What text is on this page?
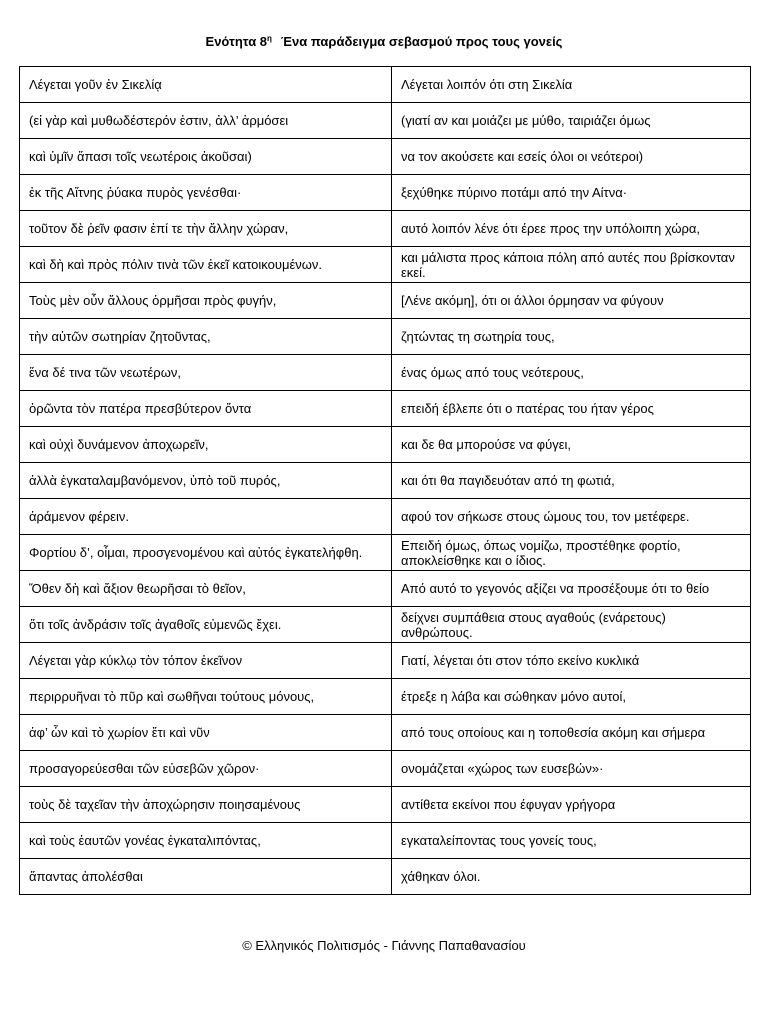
Ενότητα $8^\eta$ Ένα παράδειγμα σεβασμού προς τους γονείς
Λέγεται γοῦν ἐν Σικελίᾳ	Λέγεται λοιπόν ότι στη Σικελία
(εἰ γὰρ καὶ μυθωδέστερόν ἐστιν, ἀλλ’ ἁρμόσει	(γιατί αν και μοιάζει με μύθο, ταιριάζει όμως
καὶ ὑμῖν ἅπασι τοῖς νεωτέροις ἀκοῦσαι)	να τον ακούσετε και εσείς όλοι οι νεότεροι)
ἐκ τῆς Αἴτνης ῥύακα πυρὸς γενέσθαι·	ξεχύθηκε πύρινο ποτάμι από την Αίτνα·
τοῦτον δὲ ῥεῖν φασιν ἐπί τε τὴν ἄλλην χώραν,	αυτό λοιπόν λένε ότι έρεε προς την υπόλοιπη χώρα,
καὶ δὴ καὶ πρὸς πόλιν τινὰ τῶν ἐκεῖ κατοικουμένων.	και μάλιστα προς κάποια πόλη από αυτές που βρίσκονταν εκεί.
Τοὺς μὲν οὖν ἄλλους ὁρμῆσαι πρὸς φυγήν,	[Λένε ακόμη], ότι οι άλλοι όρμησαν να φύγουν
τὴν αὑτῶν σωτηρίαν ζητοῦντας,	ζητώντας τη σωτηρία τους,
ἕνα δέ τινα τῶν νεωτέρων,	ένας όμως από τους νεότερους,
ὁρῶντα τὸν πατέρα πρεσβύτερον ὄντα	επειδή έβλεπε ότι ο πατέρας του ήταν γέρος
καὶ οὐχὶ δυνάμενον ἀποχωρεῖν,	και δε θα μπορούσε να φύγει,
ἀλλὰ ἐγκαταλαμβανόμενον, ὑπὸ τοῦ πυρός,	και ότι θα παγιδευόταν από τη φωτιά,
ἀράμενον φέρειν.	αφού τον σήκωσε στους ώμους του, τον μετέφερε.
Φορτίου δ’, οἶμαι, προσγενομένου καὶ αὐτός ἐγκατελήφθη.	Επειδή όμως, όπως νομίζω, προστέθηκε φορτίο, αποκλείσθηκε και ο ίδιος.
Ὅθεν δὴ καὶ ἄξιον θεωρῆσαι τὸ θεῖον,	Από αυτό το γεγονός αξίζει να προσέξουμε ότι το θείο
ὅτι τοῖς ἀνδράσιν τοῖς ἀγαθοῖς εὐμενῶς ἔχει.	δείχνει συμπάθεια στους αγαθούς (ενάρετους) ανθρώπους.
Λέγεται γὰρ κύκλῳ τὸν τόπον ἐκεῖνον	Γιατί, λέγεται ότι στον τόπο εκείνο κυκλικά
περιρρυῆναι τὸ πῦρ καὶ σωθῆναι τούτους μόνους,	έτρεξε η λάβα και σώθηκαν μόνο αυτοί,
ἀφ’ ὧν καὶ τὸ χωρίον ἔτι καὶ νῦν	από τους οποίους και η τοποθεσία ακόμη και σήμερα
προσαγορεύεσθαι τῶν εὐσεβῶν χῶρον·	ονομάζεται «χώρος των ευσεβών»·
τοὺς δὲ ταχεῖαν τὴν ἀποχώρησιν ποιησαμένους	αντίθετα εκείνοι που έφυγαν γρήγορα
καὶ τοὺς ἑαυτῶν γονέας ἐγκαταλιπόντας,	εγκαταλείποντας τους γονείς τους,
ἅπαντας ἀπολέσθαι	χάθηκαν όλοι.
© Ελληνικός Πολιτισμός - Γιάννης Παπαθανασίου
